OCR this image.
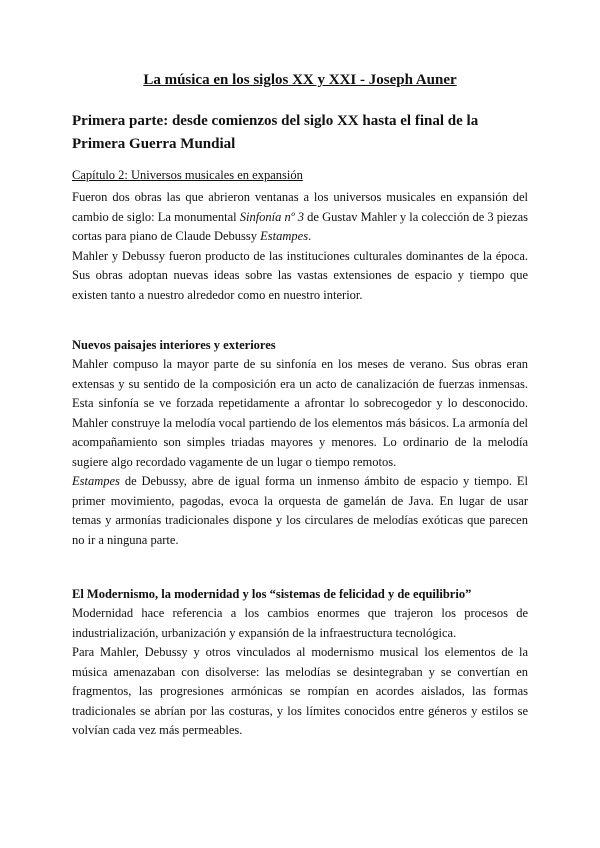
La música en los siglos XX y XXI - Joseph Auner
Primera parte: desde comienzos del siglo XX hasta el final de la Primera Guerra Mundial
Capítulo 2: Universos musicales en expansión

Fueron dos obras las que abrieron ventanas a los universos musicales en expansión del cambio de siglo: La monumental Sinfonía nº 3 de Gustav Mahler y la colección de 3 piezas cortas para piano de Claude Debussy Estampes.

Mahler y Debussy fueron producto de las instituciones culturales dominantes de la época. Sus obras adoptan nuevas ideas sobre las vastas extensiones de espacio y tiempo que existen tanto a nuestro alrededor como en nuestro interior.

Nuevos paisajes interiores y exteriores

Mahler compuso la mayor parte de su sinfonía en los meses de verano. Sus obras eran extensas y su sentido de la composición era un acto de canalización de fuerzas inmensas. Esta sinfonía se ve forzada repetidamente a afrontar lo sobrecogedor y lo desconocido. Mahler construye la melodía vocal partiendo de los elementos más básicos. La armonía del acompañamiento son simples triadas mayores y menores. Lo ordinario de la melodía sugiere algo recordado vagamente de un lugar o tiempo remotos.

Estampes de Debussy, abre de igual forma un inmenso ámbito de espacio y tiempo. El primer movimiento, pagodas, evoca la orquesta de gamelán de Java. En lugar de usar temas y armonías tradicionales dispone y los circulares de melodías exóticas que parecen no ir a ninguna parte.

El Modernismo, la modernidad y los “sistemas de felicidad y de equilibrio”

Modernidad hace referencia a los cambios enormes que trajeron los procesos de industrialización, urbanización y expansión de la infraestructura tecnológica.

Para Mahler, Debussy y otros vinculados al modernismo musical los elementos de la música amenazaban con disolverse: las melodías se desintegraban y se convertían en fragmentos, las progresiones armónicas se rompían en acordes aislados, las formas tradicionales se abrían por las costuras, y los límites conocidos entre géneros y estilos se volvían cada vez más permeables.
